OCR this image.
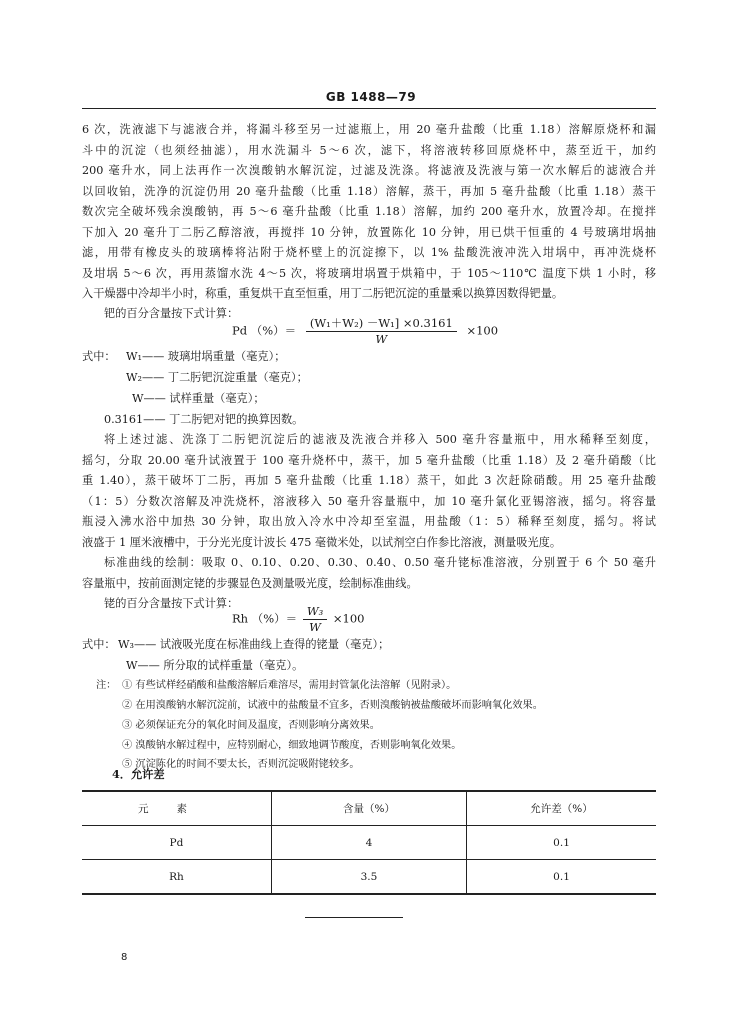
GB 1488—79
6 次，洗液滤下与滤液合并，将漏斗移至另一过滤瓶上，用 20 毫升盐酸（比重 1.18）溶解原烧杯和漏
斗中的沉淀（也须经抽滤），用水洗漏斗 5～6 次，滤下，将溶液转移回原烧杯中，蒸至近干，加约
200 毫升水，同上法再作一次溴酸钠水解沉淀，过滤及洗涤。将滤液及洗液与第一次水解后的滤液合并
以回收铂，洗净的沉淀仍用 20 毫升盐酸（比重 1.18）溶解，蒸干，再加 5 毫升盐酸（比重 1.18）蒸干
数次完全破坏残余溴酸钠，再 5～6 毫升盐酸（比重 1.18）溶解，加约 200 毫升水，放置冷却。在搅拌
下加入 20 毫升丁二肟乙醇溶液，再搅拌 10 分钟，放置陈化 10 分钟，用已烘干恒重的 4 号玻璃坩埚抽
滤，用带有橡皮头的玻璃棒将沾附于烧杯壁上的沉淀擦下，以 1% 盐酸洗液冲洗入坩埚中，再冲洗烧杯
及坩埚 5～6 次，再用蒸馏水洗 4～5 次，将玻璃坩埚置于烘箱中，于 105～110℃ 温度下烘 1 小时，移
入干燥器中冷却半小时，称重，重复烘干直至恒重，用丁二肟钯沉淀的重量乘以换算因数得钯量。
钯的百分含量按下式计算：
Pd （%）＝ $\frac{\text{(W₁＋W₂) －W₁] ×0.3161}}{W} \times 100$
式中： W₁—— 玻璃坩埚重量（毫克）；
W₂—— 丁二肟钯沉淀重量（毫克）；
W—— 试样重量（毫克）；
0.3161—— 丁二肟钯对钯的换算因数。
将上述过滤、洗涤丁二肟钯沉淀后的滤液及洗液合并移入 500 毫升容量瓶中，用水稀释至刻度，
摇匀，分取 20.00 毫升试液置于 100 毫升烧杯中，蒸干，加 5 毫升盐酸（比重 1.18）及 2 毫升硝酸（比
重 1.40），蒸干破坏丁二肟，再加 5 毫升盐酸（比重 1.18）蒸干，如此 3 次赶除硝酸。用 25 毫升盐酸
（1：5）分数次溶解及冲洗烧杯，溶液移入 50 毫升容量瓶中，加 10 毫升氯化亚锡溶液，摇匀。将容量
瓶浸入沸水浴中加热 30 分钟，取出放入冷水中冷却至室温，用盐酸（1：5）稀释至刻度，摇匀。将试
液盛于 1 厘米液槽中，于分光光度计波长 475 毫微米处，以试剂空白作参比溶液，测量吸光度。
标准曲线的绘制：吸取 0、0.10、0.20、0.30、0.40、0.50 毫升铑标准溶液，分别置于 6 个 50 毫升
容量瓶中，按前面测定铑的步骤显色及测量吸光度，绘制标准曲线。
铑的百分含量按下式计算：
Rh （%）＝ $\frac{\text{W₃}}{W} \times 100$
式中： W₃—— 试液吸光度在标准曲线上查得的铑量（毫克）；
W—— 所分取的试样重量（毫克）。
注： ① 有些试样经硝酸和盐酸溶解后难溶尽，需用封管氯化法溶解（见附录）。
② 在用溴酸钠水解沉淀前，试液中的盐酸量不宜多，否则溴酸钠被盐酸破坏而影响氧化效果。
③ 必须保证充分的氧化时间及温度，否则影响分离效果。
④ 溴酸钠水解过程中，应特别耐心，细致地调节酸度，否则影响氧化效果。
⑤ 沉淀陈化的时间不要太长，否则沉淀吸附铑较多。
4．允许差
元素	含量（%）	允许差（%）
Pd	4	0.1
Rh	3.5	0.1
8
